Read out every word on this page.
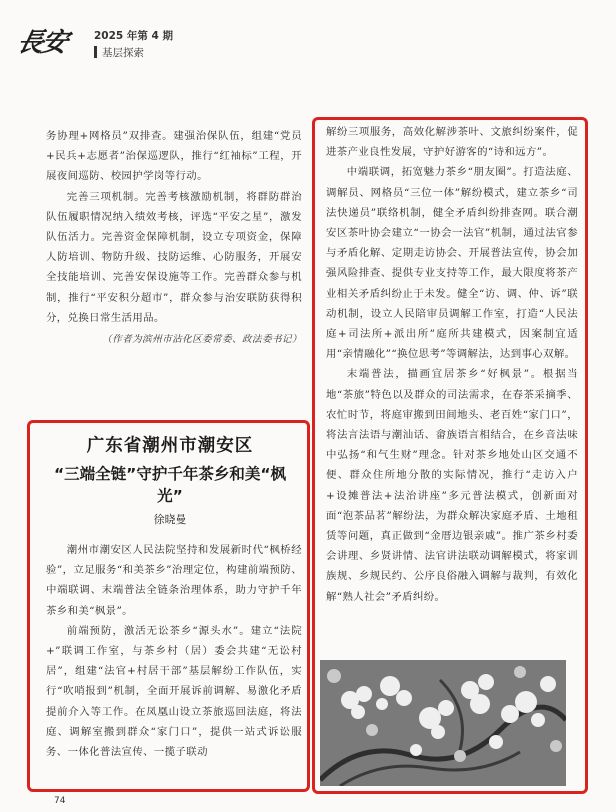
長安 2025 年第 4 期
基层探索

务协理+网格员”双排查。建强治保队伍，组建“党员+民兵+志愿者”治保巡逻队，推行“红袖标”工程，开展夜间巡防、校园护学岗等行动。

完善三项机制。完善考核激励机制，将群防群治队伍履职情况纳入绩效考核，评选“平安之星”，激发队伍活力。完善资金保障机制，设立专项资金，保障人防培训、物防升级、技防运维、心防服务，开展安全技能培训、完善安保设施等工作。完善群众参与机制，推行“平安积分超市”，群众参与治安联防获得积分，兑换日常生活用品。

（作者为滨州市沾化区委常委、政法委书记）

广东省潮州市潮安区
“三端全链”守护千年茶乡和美“枫光”
徐晓曼

潮州市潮安区人民法院坚持和发展新时代“枫桥经验”，立足服务“和美茶乡”治理定位，构建前端预防、中端联调、末端普法全链条治理体系，助力守护千年茶乡和美“枫景”。

前端预防，激活无讼茶乡“源头水”。建立“法院+”联调工作室，与茶乡村（居）委会共建“无讼村居”，组建“法官+村居干部”基层解纷工作队伍，实行“吹哨报到”机制，全面开展诉前调解、易激化矛盾提前介入等工作。在凤凰山设立茶旅巡回法庭，将法庭、调解室搬到群众“家门口”，提供一站式诉讼服务、一体化普法宣传、一揽子联动

解纷三项服务，高效化解涉茶叶、文旅纠纷案件，促进茶产业良性发展，守护好游客的“诗和远方”。

中端联调，拓宽魅力茶乡“朋友圈”。打造法庭、调解员、网格员“三位一体”解纷模式，建立茶乡“司法快递员”联络机制，健全矛盾纠纷排查网。联合潮安区茶叶协会建立“一协会一法官”机制，通过法官参与矛盾化解、定期走访协会、开展普法宣传，协会加强风险排查、提供专业支持等工作，最大限度将茶产业相关矛盾纠纷止于未发。健全“访、调、仲、诉”联动机制，设立人民陪审员调解工作室，打造“人民法庭+司法所+派出所”庭所共建模式，因案制宜适用“亲情融化”“换位思考”等调解法，达到事心双解。

末端普法，描画宜居茶乡“好枫景”。根据当地“茶旅”特色以及群众的司法需求，在春茶采摘季、农忙时节，将庭审搬到田间地头、老百姓“家门口”，将法言法语与潮汕话、畲族语言相结合，在乡音法味中弘扬“和气生财”理念。针对茶乡地处山区交通不便、群众住所地分散的实际情况，推行“走访入户+设摊普法+法治讲座”多元普法模式，创新面对面“泡茶品茗”解纷法，为群众解决家庭矛盾、土地租赁等问题，真正做到“金厝边银亲戚”。推广茶乡村委会讲理、乡贤讲情、法官讲法联动调解模式，将家训族规、乡规民约、公序良俗融入调解与裁判，有效化解“熟人社会”矛盾纠纷。

74
